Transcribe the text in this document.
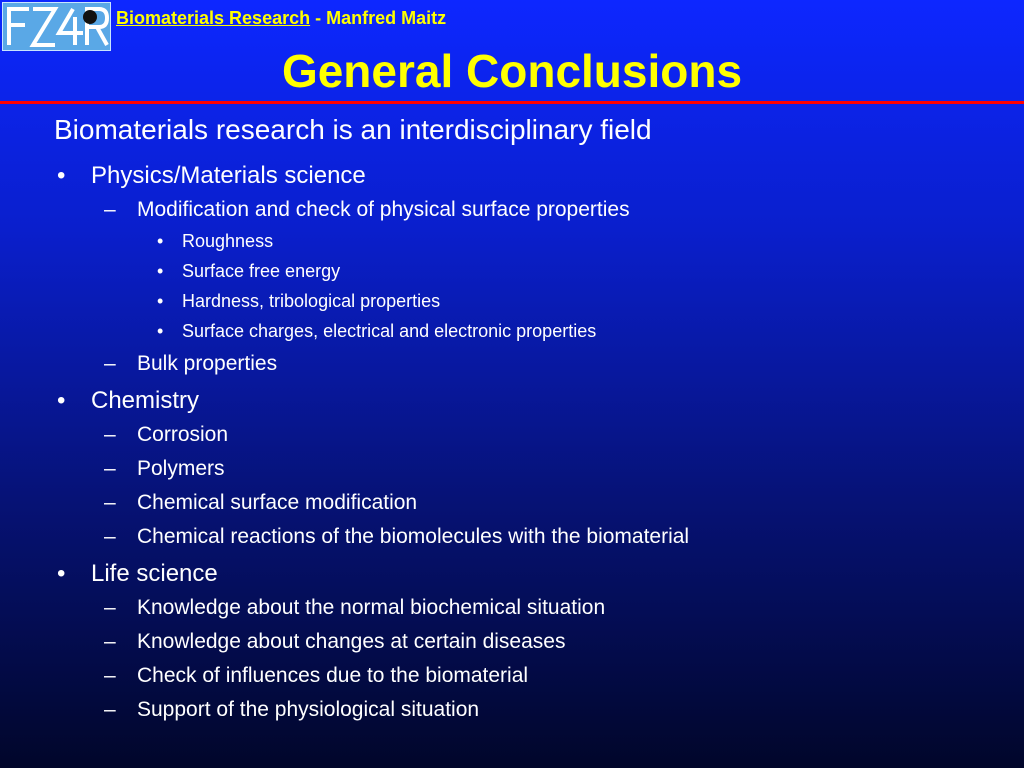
Biomaterials Research - Manfred Maitz
General Conclusions
Biomaterials research is an interdisciplinary field
• Physics/Materials science
– Modification and check of physical surface properties
• Roughness
• Surface free energy
• Hardness, tribological properties
• Surface charges, electrical and electronic properties
– Bulk properties
• Chemistry
– Corrosion
– Polymers
– Chemical surface modification
– Chemical reactions of the biomolecules with the biomaterial
• Life science
– Knowledge about the normal biochemical situation
– Knowledge about changes at certain diseases
– Check of influences due to the biomaterial
– Support of the physiological situation
